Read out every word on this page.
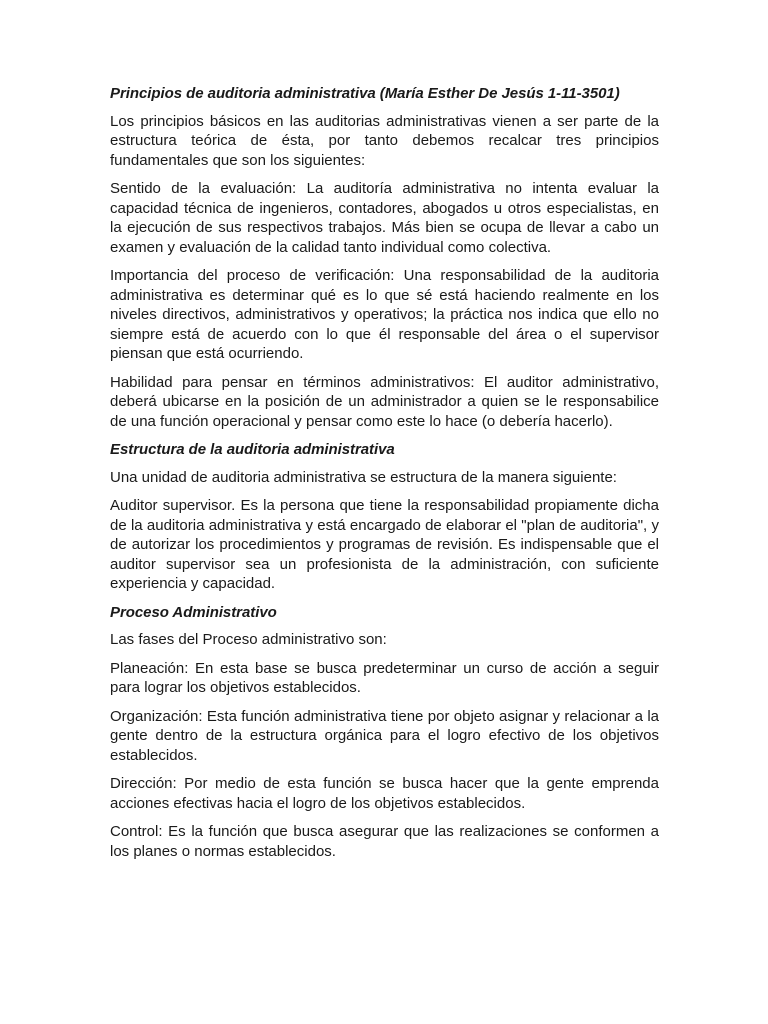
Principios de auditoria administrativa (María Esther De Jesús 1-11-3501)

Los principios básicos en las auditorias administrativas vienen a ser parte de la estructura teórica de ésta, por tanto debemos recalcar tres principios fundamentales que son los siguientes:

Sentido de la evaluación: La auditoría administrativa no intenta evaluar la capacidad técnica de ingenieros, contadores, abogados u otros especialistas, en la ejecución de sus respectivos trabajos. Más bien se ocupa de llevar a cabo un examen y evaluación de la calidad tanto individual como colectiva.

Importancia del proceso de verificación: Una responsabilidad de la auditoria administrativa es determinar qué es lo que sé está haciendo realmente en los niveles directivos, administrativos y operativos; la práctica nos indica que ello no siempre está de acuerdo con lo que él responsable del área o el supervisor piensan que está ocurriendo.

Habilidad para pensar en términos administrativos: El auditor administrativo, deberá ubicarse en la posición de un administrador a quien se le responsabilice de una función operacional y pensar como este lo hace (o debería hacerlo).

Estructura de la auditoria administrativa

Una unidad de auditoria administrativa se estructura de la manera siguiente:

Auditor supervisor. Es la persona que tiene la responsabilidad propiamente dicha de la auditoria administrativa y está encargado de elaborar el "plan de auditoria", y de autorizar los procedimientos y programas de revisión. Es indispensable que el auditor supervisor sea un profesionista de la administración, con suficiente experiencia y capacidad.

Proceso Administrativo

Las fases del Proceso administrativo son:

Planeación: En esta base se busca predeterminar un curso de acción a seguir para lograr los objetivos establecidos.

Organización: Esta función administrativa tiene por objeto asignar y relacionar a la gente dentro de la estructura orgánica para el logro efectivo de los objetivos establecidos.

Dirección: Por medio de esta función se busca hacer que la gente emprenda acciones efectivas hacia el logro de los objetivos establecidos.

Control: Es la función que busca asegurar que las realizaciones se conformen a los planes o normas establecidos.
